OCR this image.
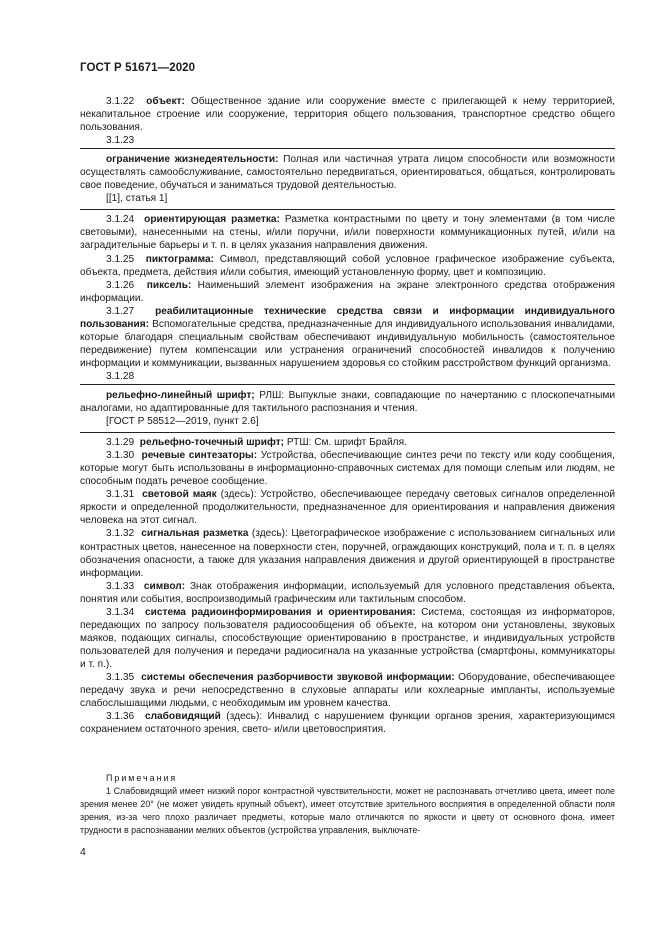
ГОСТ Р 51671—2020

3.1.22 объект: Общественное здание или сооружение вместе с прилегающей к нему территорией, некапитальное строение или сооружение, территория общего пользования, транспортное средство общего пользования.

3.1.23

ограничение жизнедеятельности: Полная или частичная утрата лицом способности или возможности осуществлять самообслуживание, самостоятельно передвигаться, ориентироваться, общаться, контролировать свое поведение, обучаться и заниматься трудовой деятельностью.

[[1], статья 1]

3.1.24 ориентирующая разметка: Разметка контрастными по цвету и тону элементами (в том числе световыми), нанесенными на стены, и/или поручни, и/или поверхности коммуникационных путей, и/или на заградительные барьеры и т. п. в целях указания направления движения.

3.1.25 пиктограмма: Символ, представляющий собой условное графическое изображение субъекта, объекта, предмета, действия и/или события, имеющий установленную форму, цвет и композицию.

3.1.26 пиксель: Наименьший элемент изображения на экране электронного средства отображения информации.

3.1.27 реабилитационные технические средства связи и информации индивидуального пользования: Вспомогательные средства, предназначенные для индивидуального использования инвалидами, которые благодаря специальным свойствам обеспечивают индивидуальную мобильность (самостоятельное передвижение) путем компенсации или устранения ограничений способностей инвалидов к получению информации и коммуникации, вызванных нарушением здоровья со стойким расстройством функций организма.

3.1.28

рельефно-линейный шрифт; РЛШ: Выпуклые знаки, совпадающие по начертанию с плоскопечатными аналогами, но адаптированные для тактильного распознания и чтения.

[ГОСТ Р 58512—2019, пункт 2.6]

3.1.29 рельефно-точечный шрифт; РТШ: См. шрифт Брайля.

3.1.30 речевые синтезаторы: Устройства, обеспечивающие синтез речи по тексту или коду сообщения, которые могут быть использованы в информационно-справочных системах для помощи слепым или людям, не способным подать речевое сообщение.

3.1.31 световой маяк (здесь): Устройство, обеспечивающее передачу световых сигналов определенной яркости и определенной продолжительности, предназначенное для ориентирования и направления движения человека на этот сигнал.

3.1.32 сигнальная разметка (здесь): Цветографическое изображение с использованием сигнальных или контрастных цветов, нанесенное на поверхности стен, поручней, ограждающих конструкций, пола и т. п. в целях обозначения опасности, а также для указания направления движения и другой ориентирующей в пространстве информации.

3.1.33 символ: Знак отображения информации, используемый для условного представления объекта, понятия или события, воспроизводимый графическим или тактильным способом.

3.1.34 система радиоинформирования и ориентирования: Система, состоящая из информаторов, передающих по запросу пользователя радиосообщения об объекте, на котором они установлены, звуковых маяков, подающих сигналы, способствующие ориентированию в пространстве, и индивидуальных устройств пользователей для получения и передачи радиосигнала на указанные устройства (смартфоны, коммуникаторы и т. п.).

3.1.35 системы обеспечения разборчивости звуковой информации: Оборудование, обеспечивающее передачу звука и речи непосредственно в слуховые аппараты или кохлеарные импланты, используемые слабослышащими людьми, с необходимым им уровнем качества.

3.1.36 слабовидящий (здесь): Инвалид с нарушением функции органов зрения, характеризующимся сохранением остаточного зрения, свето- и/или цветовосприятия.

Примечания

1 Слабовидящий имеет низкий порог контрастной чувствительности, может не распознавать отчетливо цвета, имеет поле зрения менее 20° (не может увидеть крупный объект), имеет отсутствие зрительного восприятия в определенной области поля зрения, из-за чего плохо различает предметы, которые мало отличаются по яркости и цвету от основного фона, имеет трудности в распознавании мелких объектов (устройства управления, выключате-

4
